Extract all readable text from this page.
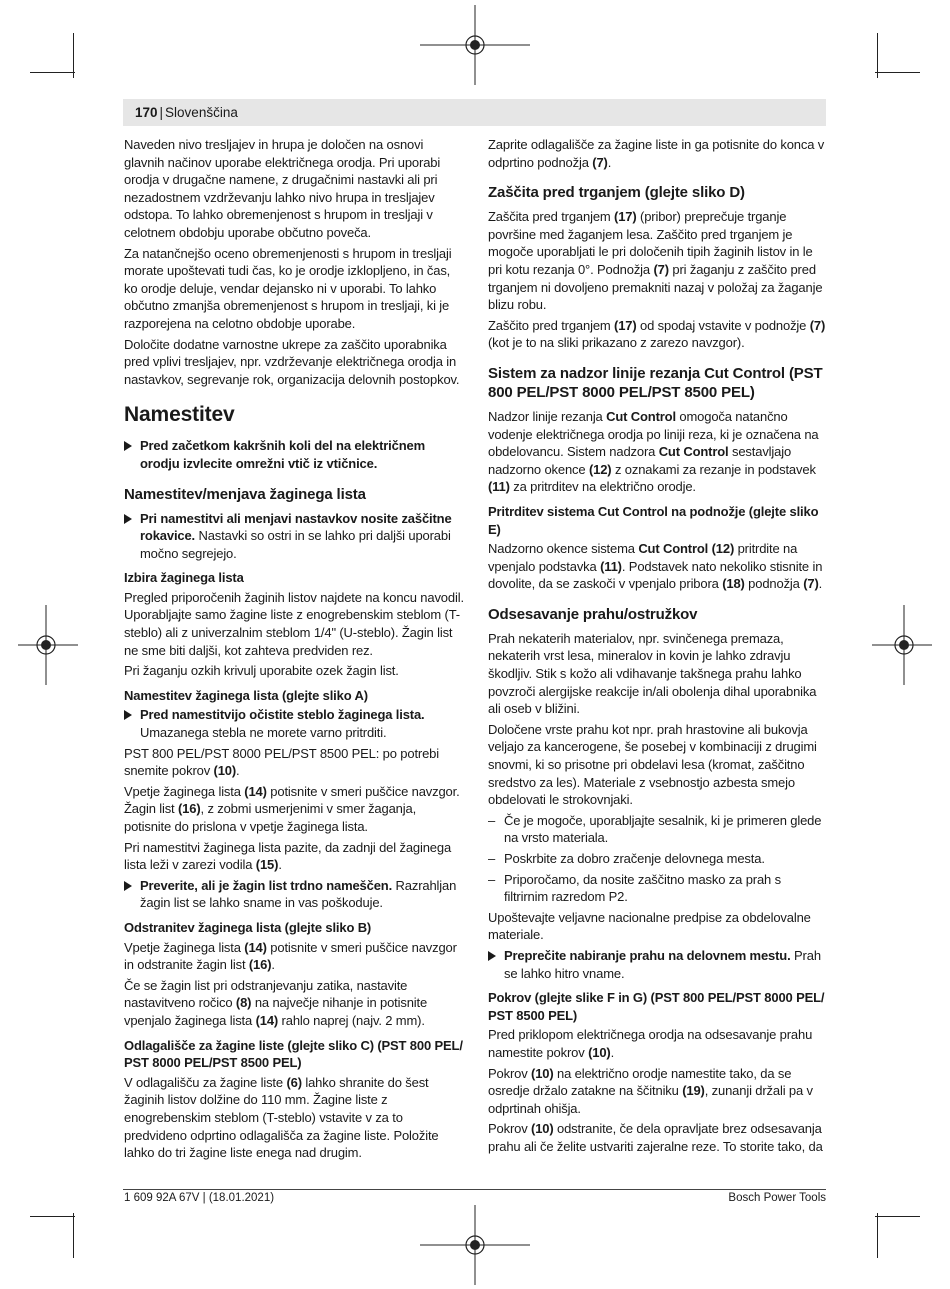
170 | Slovenščina

Naveden nivo tresljajev in hrupa je določen na osnovi glavnih načinov uporabe električnega orodja. Pri uporabi orodja v drugačne namene, z drugačnimi nastavki ali pri nezadostnem vzdrževanju lahko nivo hrupa in tresljajev odstopa. To lahko obremenjenost s hrupom in tresljaji v celotnem obdobju uporabe občutno poveča.

Za natančnejšo oceno obremenjenosti s hrupom in tresljaji morate upoštevati tudi čas, ko je orodje izklopljeno, in čas, ko orodje deluje, vendar dejansko ni v uporabi. To lahko občutno zmanjša obremenjenost s hrupom in tresljaji, ki je razporejena na celotno obdobje uporabe.

Določite dodatne varnostne ukrepe za zaščito uporabnika pred vplivi tresljajev, npr. vzdrževanje električnega orodja in nastavkov, segrevanje rok, organizacija delovnih postopkov.

Namestitev
Pred začetkom kakršnih koli del na električnem orodju izvlecite omrežni vtič iz vtičnice.
Namestitev/menjava žaginega lista
Pri namestitvi ali menjavi nastavkov nosite zaščitne rokavice. Nastavki so ostri in se lahko pri daljši uporabi močno segrejejo.
Izbira žaginega lista

Pregled priporočenih žaginih listov najdete na koncu navodil. Uporabljajte samo žagine liste z enogrebenskim steblom (T-steblo) ali z univerzalnim steblom 1/4" (U-steblo). Žagin list ne sme biti daljši, kot zahteva predviden rez.

Pri žaganju ozkih krivulj uporabite ozek žagin list.

Namestitev žaginega lista (glejte sliko A)
Pred namestitvijo očistite steblo žaginega lista. Umazanega stebla ne morete varno pritrditi.

PST 800 PEL/PST 8000 PEL/PST 8500 PEL: po potrebi snemite pokrov (10).

Vpetje žaginega lista (14) potisnite v smeri puščice navzgor. Žagin list (16), z zobmi usmerjenimi v smer žaganja, potisnite do prislona v vpetje žaginega lista.

Pri namestitvi žaginega lista pazite, da zadnji del žaginega lista leži v zarezi vodila (15).

Preverite, ali je žagin list trdno nameščen. Razrahljan žagin list se lahko sname in vas poškoduje.
Odstranitev žaginega lista (glejte sliko B)

Vpetje žaginega lista (14) potisnite v smeri puščice navzgor in odstranite žagin list (16).

Če se žagin list pri odstranjevanju zatika, nastavite nastavitveno ročico (8) na največje nihanje in potisnite vpenjalo žaginega lista (14) rahlo naprej (najv. 2 mm).

Odlagališče za žagine liste (glejte sliko C) (PST 800 PEL/ PST 8000 PEL/PST 8500 PEL)

V odlagališču za žagine liste (6) lahko shranite do šest žaginih listov dolžine do 110 mm. Žagine liste z enogrebenskim steblom (T-steblo) vstavite v za to predvideno odprtino odlagališča za žagine liste. Položite lahko do tri žagine liste enega nad drugim.

Zaprite odlagališče za žagine liste in ga potisnite do konca v odprtino podnožja (7).

Zaščita pred trganjem (glejte sliko D)

Zaščita pred trganjem (17) (pribor) preprečuje trganje površine med žaganjem lesa. Zaščito pred trganjem je mogoče uporabljati le pri določenih tipih žaginih listov in le pri kotu rezanja 0°. Podnožja (7) pri žaganju z zaščito pred trganjem ni dovoljeno premakniti nazaj v položaj za žaganje blizu robu.

Zaščito pred trganjem (17) od spodaj vstavite v podnožje (7) (kot je to na sliki prikazano z zarezo navzgor).

Sistem za nadzor linije rezanja Cut Control (PST 800 PEL/PST 8000 PEL/PST 8500 PEL)

Nadzor linije rezanja Cut Control omogoča natančno vodenje električnega orodja po liniji reza, ki je označena na obdelovancu. Sistem nadzora Cut Control sestavljajo nadzorno okence (12) z oznakami za rezanje in podstavek (11) za pritrditev na električno orodje.

Pritrditev sistema Cut Control na podnožje (glejte sliko E)

Nadzorno okence sistema Cut Control (12) pritrdite na vpenjalo podstavka (11). Podstavek nato nekoliko stisnite in dovolite, da se zaskoči v vpenjalo pribora (18) podnožja (7).

Odsesavanje prahu/ostružkov

Prah nekaterih materialov, npr. svinčenega premaza, nekaterih vrst lesa, mineralov in kovin je lahko zdravju škodljiv. Stik s kožo ali vdihavanje takšnega prahu lahko povzroči alergijske reakcije in/ali obolenja dihal uporabnika ali oseb v bližini.

Določene vrste prahu kot npr. prah hrastovine ali bukovja veljajo za kancerogene, še posebej v kombinaciji z drugimi snovmi, ki so prisotne pri obdelavi lesa (kromat, zaščitno sredstvo za les). Materiale z vsebnostjo azbesta smejo obdelovati le strokovnjaki.

– Če je mogoče, uporabljajte sesalnik, ki je primeren glede na vrsto materiala.
– Poskrbite za dobro zračenje delovnega mesta.
– Priporočamo, da nosite zaščitno masko za prah s filtrirnim razredom P2.

Upoštevajte veljavne nacionalne predpise za obdelovalne materiale.

Preprečite nabiranje prahu na delovnem mestu. Prah se lahko hitro vname.
Pokrov (glejte slike F in G) (PST 800 PEL/PST 8000 PEL/ PST 8500 PEL)

Pred priklopom električnega orodja na odsesavanje prahu namestite pokrov (10).

Pokrov (10) na električno orodje namestite tako, da se osredje držalo zatakne na ščitniku (19), zunanji držali pa v odprtinah ohišja.

Pokrov (10) odstranite, če dela opravljate brez odsesavanja prahu ali če želite ustvariti zajeralne reze. To storite tako, da

1 609 92A 67V | (18.01.2021)	Bosch Power Tools
